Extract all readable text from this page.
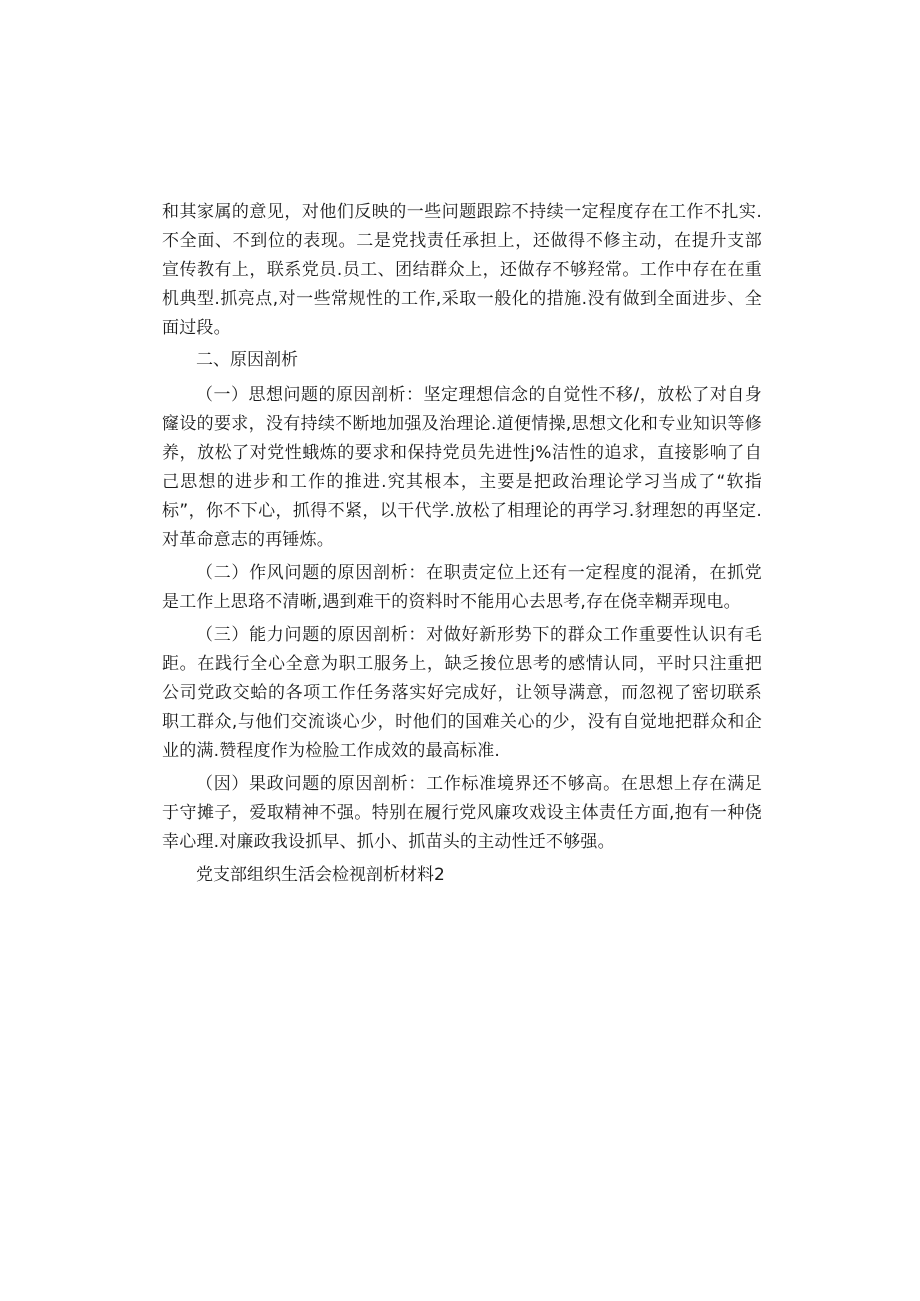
和其家属的意见，对他们反映的一些问题跟踪不持续一定程度存在工作不扎实.不全面、不到位的表现。二是党找责任承担上，还做得不修主动，在提升支部宣传教有上，联系党员.员工、团结群众上，还做存不够羟常。工作中存在在重机典型.抓亮点,对一些常规性的工作,采取一般化的措施.没有做到全面进步、全面过段。

二、原因剖析

（一）思想问题的原因剖析：坚定理想信念的自觉性不移/，放松了对自身窿设的要求，没有持续不断地加强及治理论.道便情操,思想文化和专业知识等修养，放松了对党性蛾炼的要求和保持党员先进性j%洁性的追求，直接影响了自己思想的进步和工作的推进.究其根本，主要是把政治理论学习当成了“软指标”，你不下心，抓得不紧，以干代学.放松了相理论的再学习.豺理恕的再坚定.对革命意志的再锤炼。

（二）作风问题的原因剖析：在职责定位上还有一定程度的混淆，在抓党是工作上思珞不清晰,遇到难干的资料时不能用心去思考,存在侥幸糊弄现电。

（三）能力问题的原因剖析：对做好新形势下的群众工作重要性认识有毛距。在践行全心全意为职工服务上，缺乏捘位思考的感情认同，平时只注重把公司党政交蛤的各项工作任务落实好完成好，让领导满意，而忽视了密切联系职工群众,与他们交流谈心少，时他们的国难关心的少，没有自觉地把群众和企业的满.赞程度作为检脸工作成效的最高标准.

（因）果政问题的原因剖析：工作标准境界还不够高。在思想上存在满足于守摊子，爱取精神不强。特别在履行党风廉攻戏设主体责任方面,抱有一种侥幸心理.对廉政我设抓早、抓小、抓苗头的主动性迁不够强。

党支部组织生活会检视剖析材料2
